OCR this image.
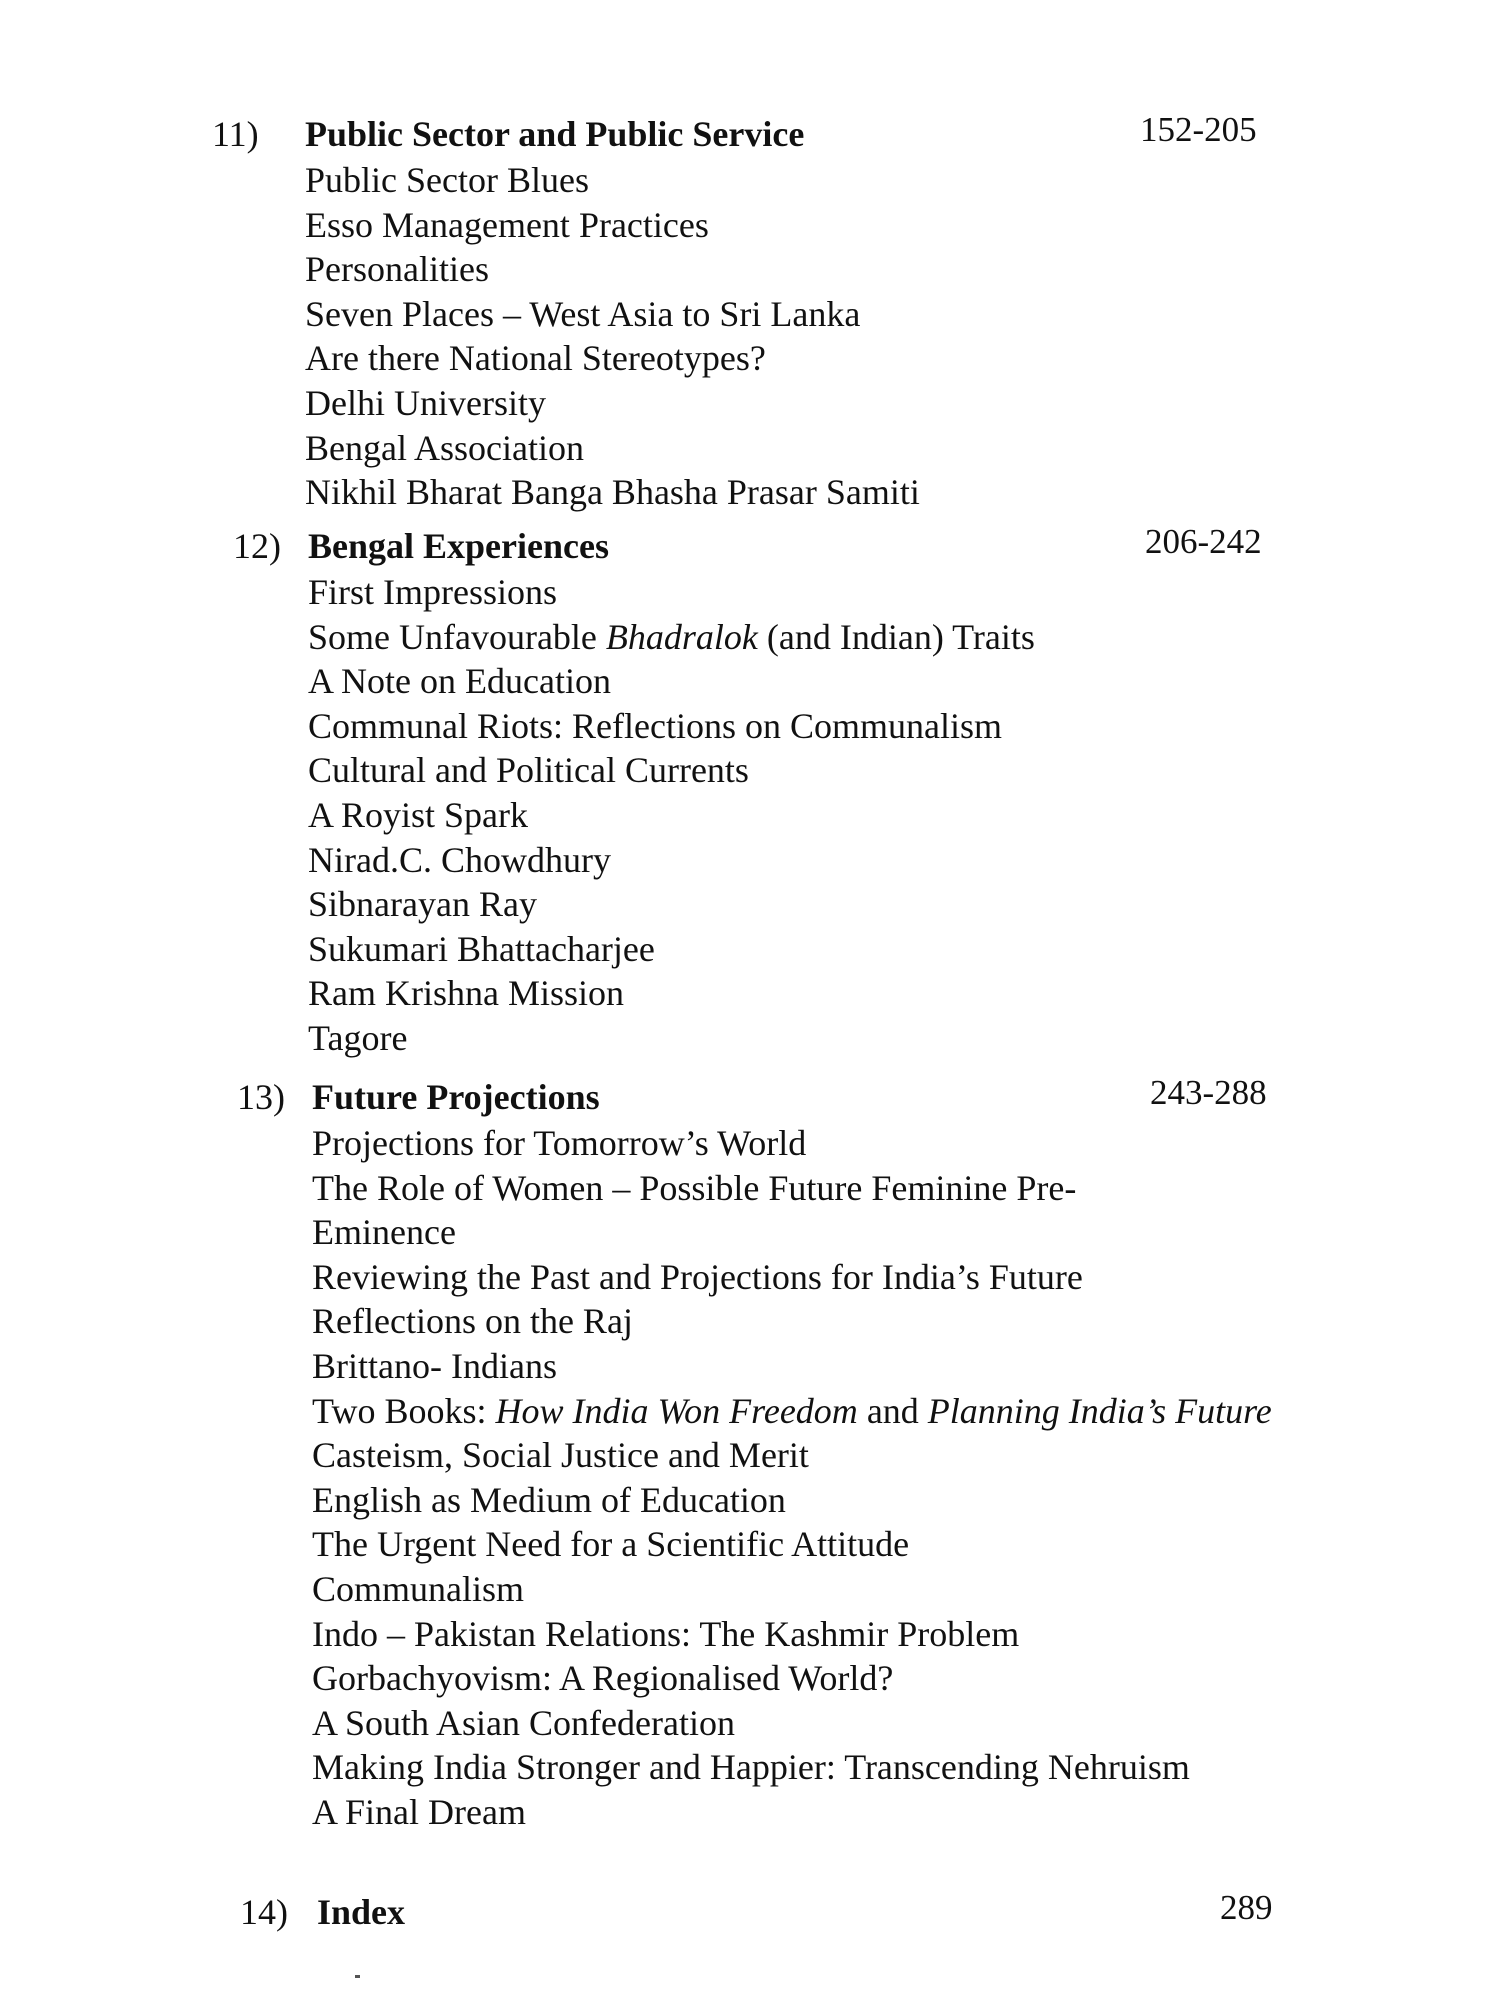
11) Public Sector and Public Service	152-205
Public Sector Blues
Esso Management Practices
Personalities
Seven Places – West Asia to Sri Lanka
Are there National Stereotypes?
Delhi University
Bengal Association
Nikhil Bharat Banga Bhasha Prasar Samiti
12) Bengal Experiences	206-242
First Impressions
Some Unfavourable Bhadralok (and Indian) Traits
A Note on Education
Communal Riots: Reflections on Communalism
Cultural and Political Currents
A Royist Spark
Nirad.C. Chowdhury
Sibnarayan Ray
Sukumari Bhattacharjee
Ram Krishna Mission
Tagore
13) Future Projections	243-288
Projections for Tomorrow’s World
The Role of Women – Possible Future Feminine Pre-Eminence
Reviewing the Past and Projections for India’s Future
Reflections on the Raj
Brittano- Indians
Two Books: How India Won Freedom and Planning India’s Future
Casteism, Social Justice and Merit
English as Medium of Education
The Urgent Need for a Scientific Attitude
Communalism
Indo – Pakistan Relations: The Kashmir Problem
Gorbachyovism: A Regionalised World?
A South Asian Confederation
Making India Stronger and Happier: Transcending Nehruism
A Final Dream
14) Index	289
